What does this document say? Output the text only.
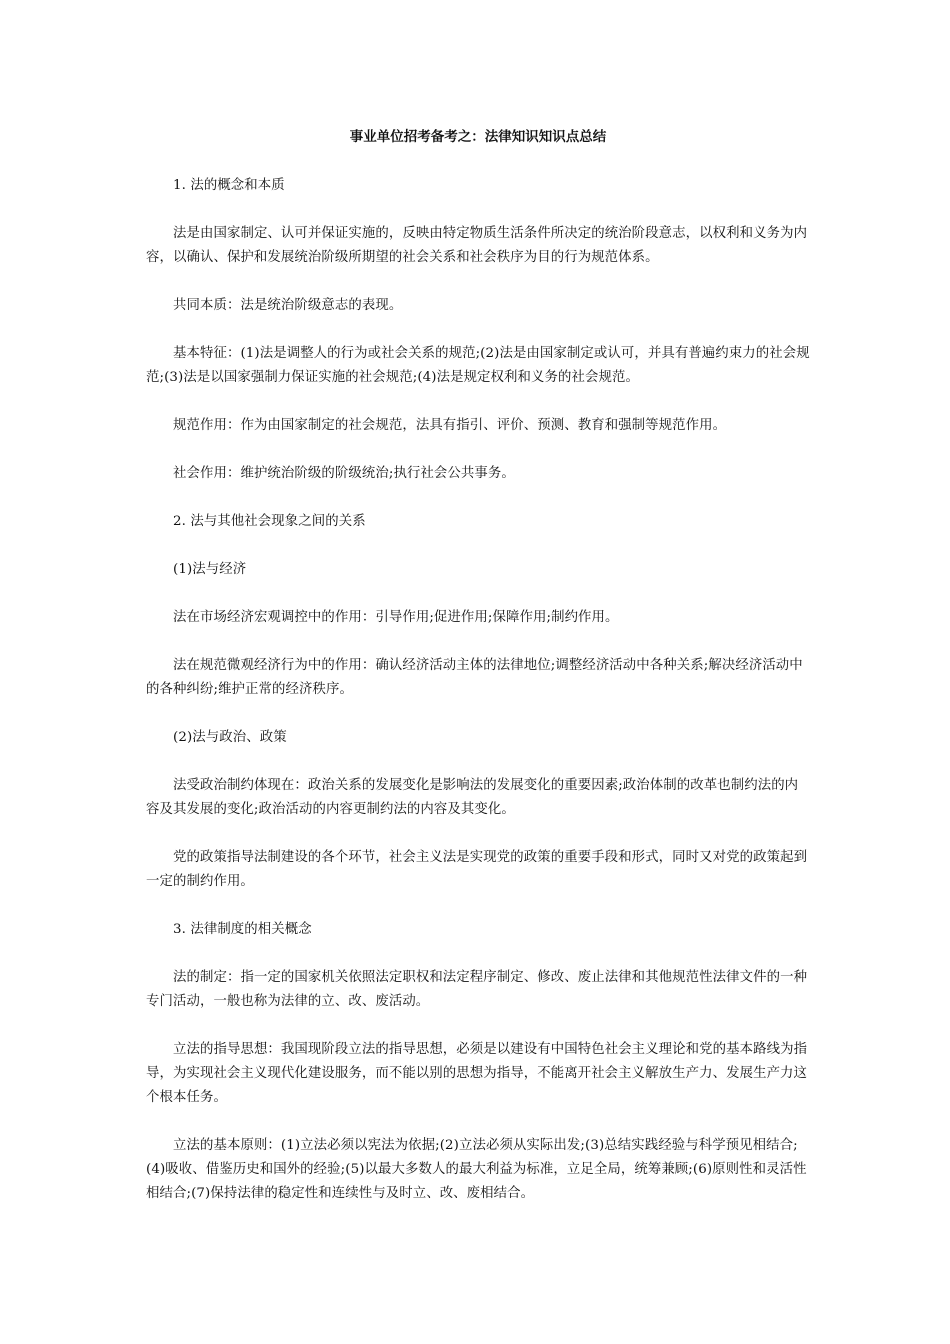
事业单位招考备考之：法律知识知识点总结
1. 法的概念和本质
法是由国家制定、认可并保证实施的，反映由特定物质生活条件所决定的统治阶段意志，以权利和义务为内容，以确认、保护和发展统治阶级所期望的社会关系和社会秩序为目的行为规范体系。
共同本质：法是统治阶级意志的表现。
基本特征：(1)法是调整人的行为或社会关系的规范;(2)法是由国家制定或认可，并具有普遍约束力的社会规范;(3)法是以国家强制力保证实施的社会规范;(4)法是规定权利和义务的社会规范。
规范作用：作为由国家制定的社会规范，法具有指引、评价、预测、教育和强制等规范作用。
社会作用：维护统治阶级的阶级统治;执行社会公共事务。
2. 法与其他社会现象之间的关系
(1)法与经济
法在市场经济宏观调控中的作用：引导作用;促进作用;保障作用;制约作用。
法在规范微观经济行为中的作用：确认经济活动主体的法律地位;调整经济活动中各种关系;解决经济活动中的各种纠纷;维护正常的经济秩序。
(2)法与政治、政策
法受政治制约体现在：政治关系的发展变化是影响法的发展变化的重要因素;政治体制的改革也制约法的内容及其发展的变化;政治活动的内容更制约法的内容及其变化。
党的政策指导法制建设的各个环节，社会主义法是实现党的政策的重要手段和形式，同时又对党的政策起到一定的制约作用。
3. 法律制度的相关概念
法的制定：指一定的国家机关依照法定职权和法定程序制定、修改、废止法律和其他规范性法律文件的一种专门活动，一般也称为法律的立、改、废活动。
立法的指导思想：我国现阶段立法的指导思想，必须是以建设有中国特色社会主义理论和党的基本路线为指导，为实现社会主义现代化建设服务，而不能以别的思想为指导，不能离开社会主义解放生产力、发展生产力这个根本任务。
立法的基本原则：(1)立法必须以宪法为依据;(2)立法必须从实际出发;(3)总结实践经验与科学预见相结合;(4)吸收、借鉴历史和国外的经验;(5)以最大多数人的最大利益为标准，立足全局，统筹兼顾;(6)原则性和灵活性相结合;(7)保持法律的稳定性和连续性与及时立、改、废相结合。
